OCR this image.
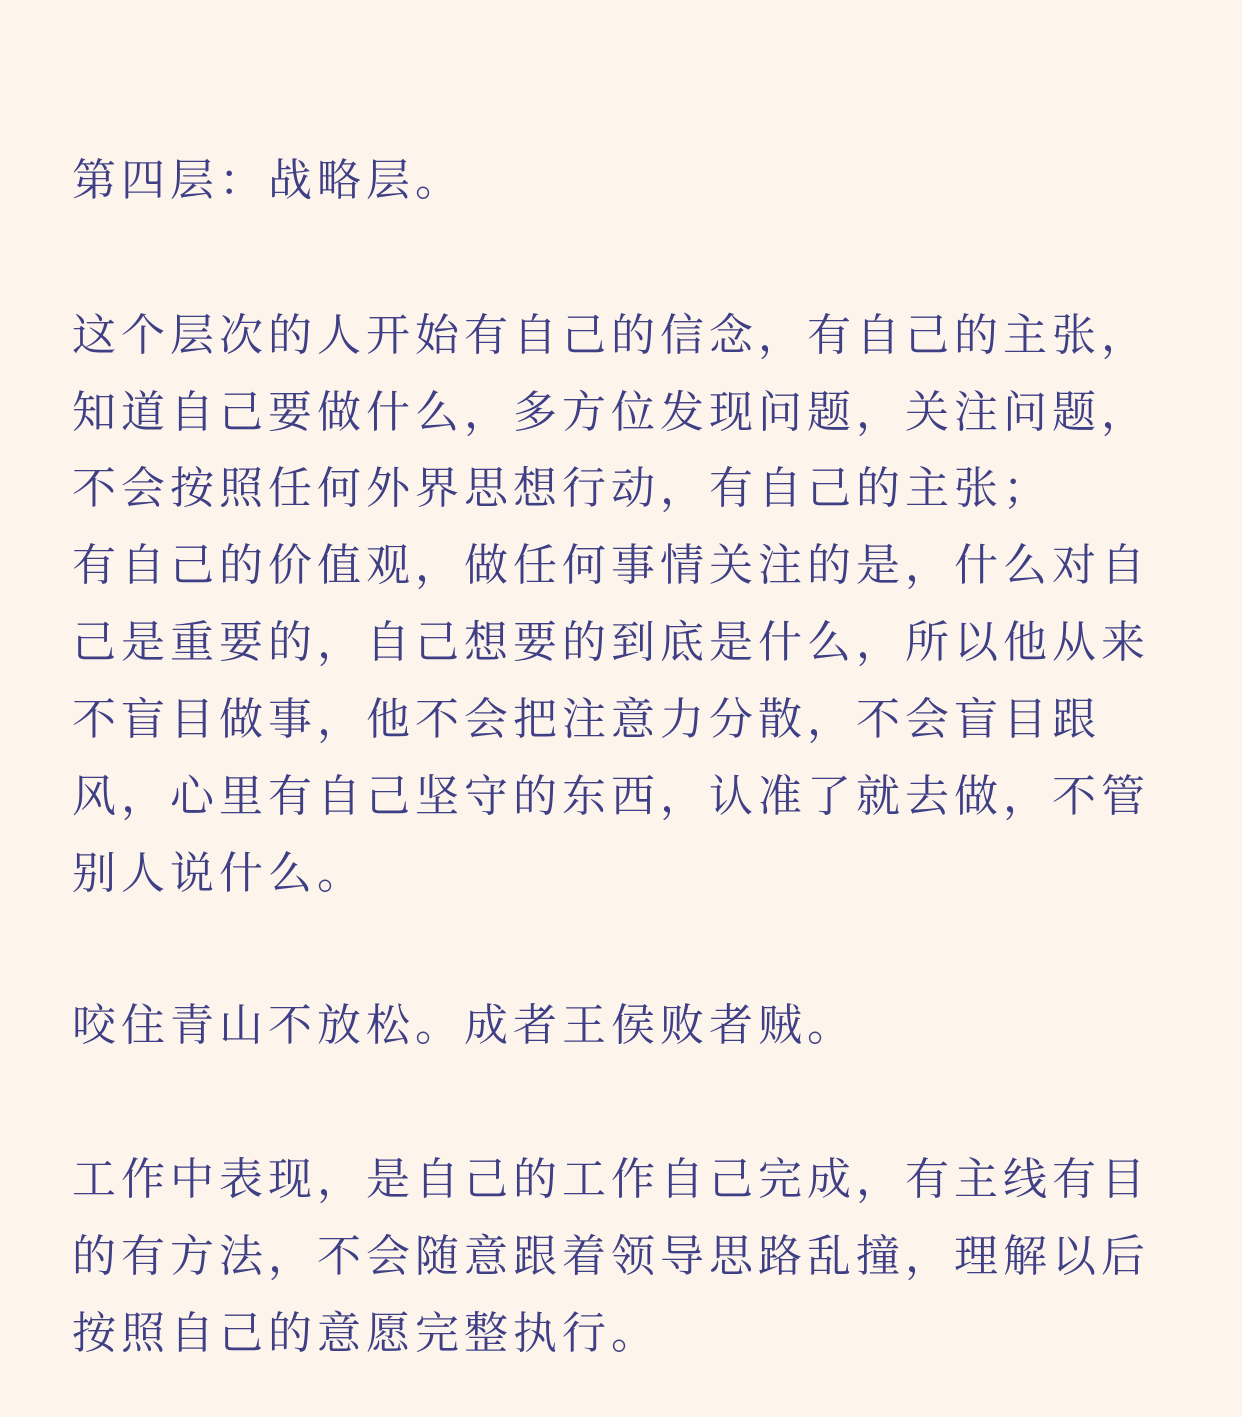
第四层：战略层。

这个层次的人开始有自己的信念，有自己的主张，

知道自己要做什么，多方位发现问题，关注问题，

不会按照任何外界思想行动，有自己的主张；

有自己的价值观，做任何事情关注的是，什么对自

己是重要的，自己想要的到底是什么，所以他从来

不盲目做事，他不会把注意力分散，不会盲目跟

风，心里有自己坚守的东西，认准了就去做，不管

别人说什么。

咬住青山不放松。成者王侯败者贼。

工作中表现，是自己的工作自己完成，有主线有目

的有方法，不会随意跟着领导思路乱撞，理解以后

按照自己的意愿完整执行。
